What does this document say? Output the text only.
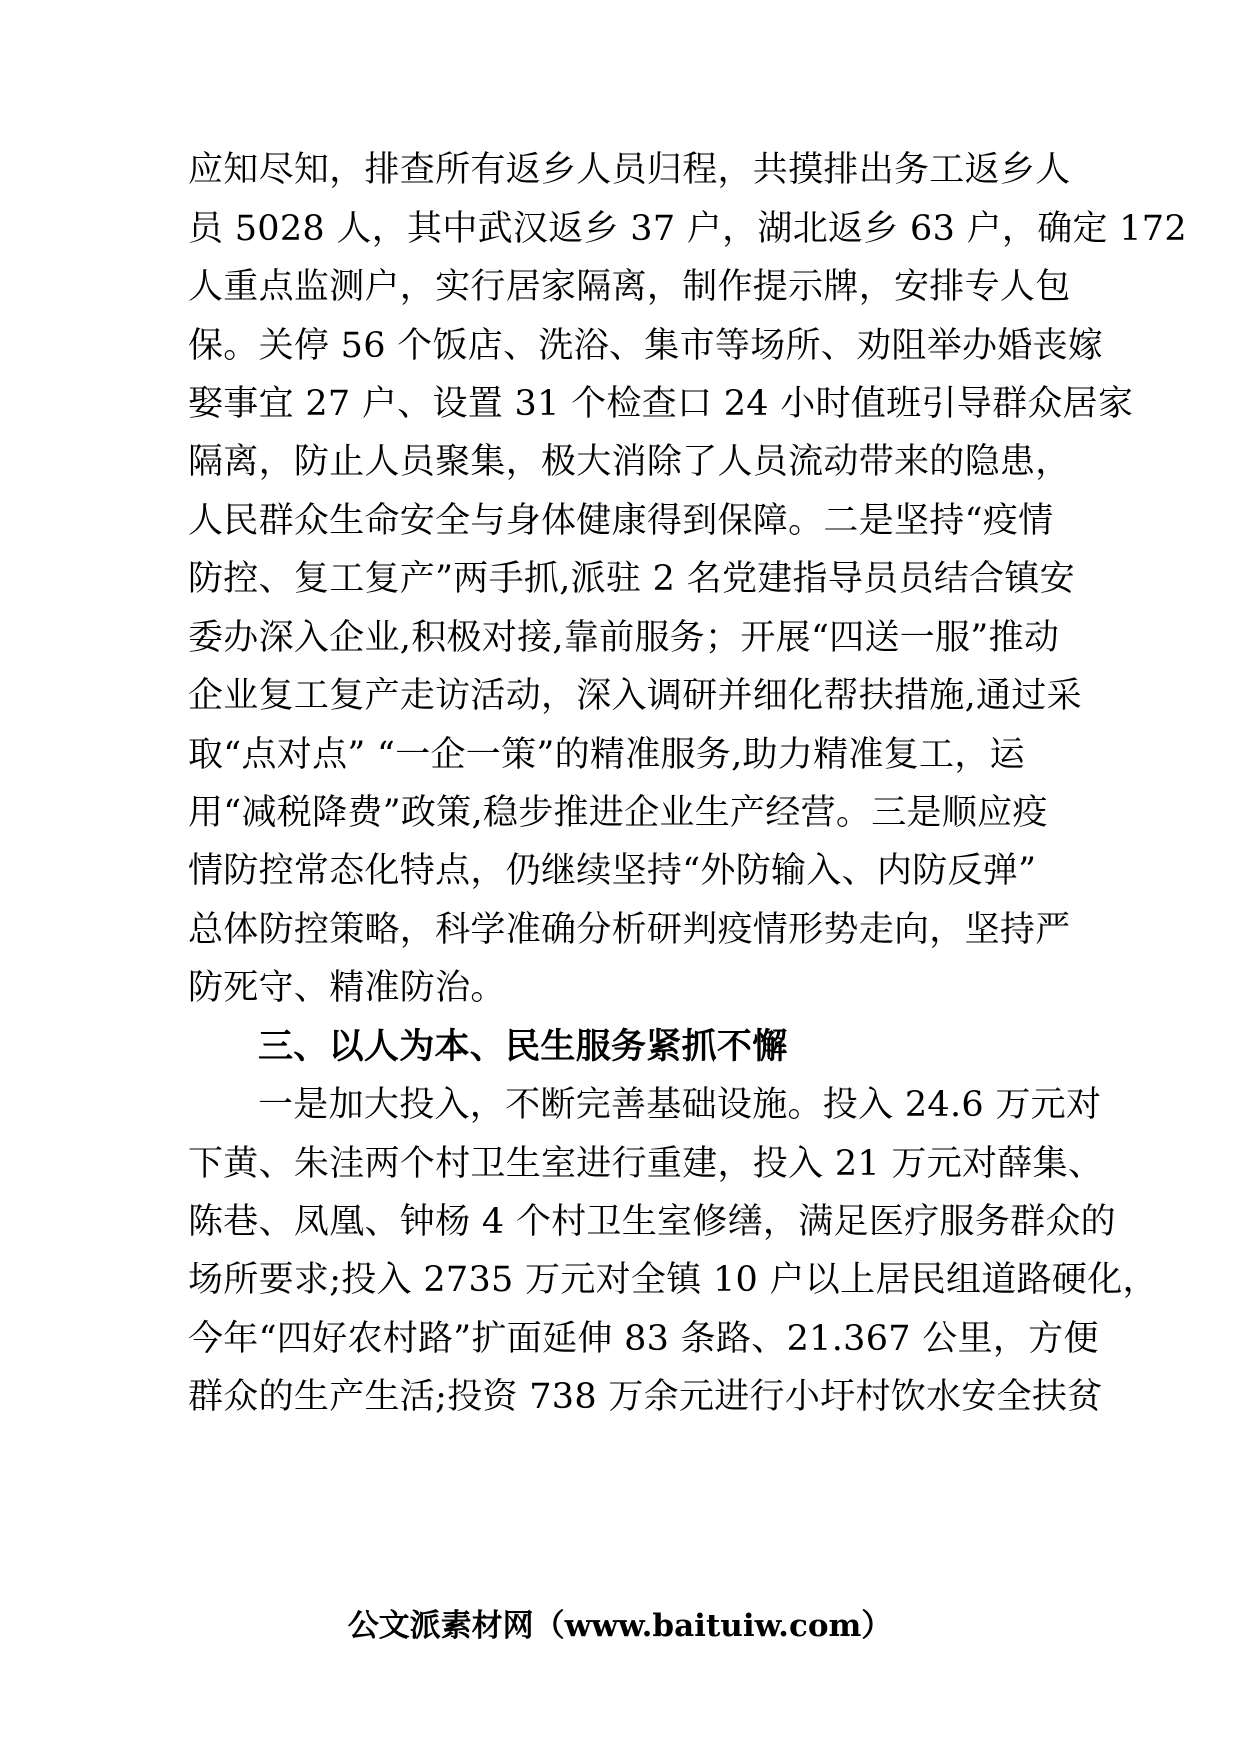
应知尽知，排查所有返乡人员归程，共摸排出务工返乡人
员 5028 人，其中武汉返乡 37 户，湖北返乡 63 户，确定 172
人重点监测户，实行居家隔离，制作提示牌，安排专人包
保。关停 56 个饭店、洗浴、集市等场所、劝阻举办婚丧嫁
娶事宜 27 户、设置 31 个检查口 24 小时值班引导群众居家
隔离，防止人员聚集，极大消除了人员流动带来的隐患，
人民群众生命安全与身体健康得到保障。二是坚持“疫情
防控、复工复产”两手抓,派驻 2 名党建指导员员结合镇安
委办深入企业,积极对接,靠前服务；开展“四送一服”推动
企业复工复产走访活动，深入调研并细化帮扶措施,通过采
取“点对点” “一企一策”的精准服务,助力精准复工，运
用“减税降费”政策,稳步推进企业生产经营。三是顺应疫
情防控常态化特点，仍继续坚持“外防输入、内防反弹”
总体防控策略，科学准确分析研判疫情形势走向，坚持严
防死守、精准防治。
三、以人为本、民生服务紧抓不懈
一是加大投入，不断完善基础设施。投入 24.6 万元对
下黄、朱洼两个村卫生室进行重建，投入 21 万元对薛集、
陈巷、凤凰、钟杨 4 个村卫生室修缮，满足医疗服务群众的
场所要求;投入 2735 万元对全镇 10 户以上居民组道路硬化，
今年“四好农村路”扩面延伸 83 条路、21.367 公里，方便
群众的生产生活;投资 738 万余元进行小圩村饮水安全扶贫
公文派素材网（www.baituiw.com）
